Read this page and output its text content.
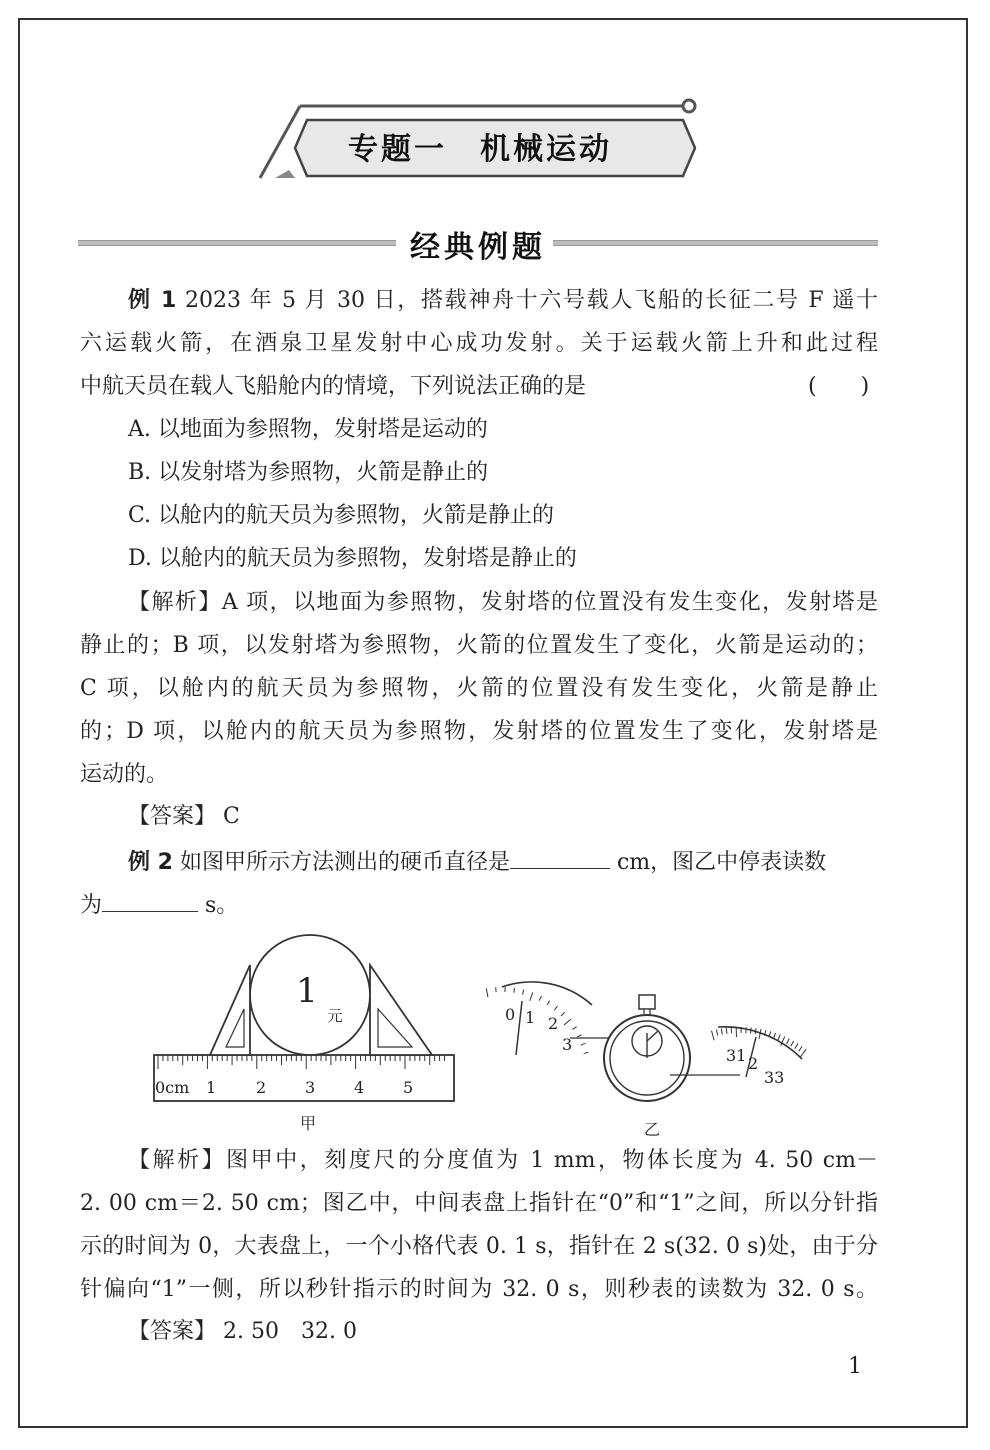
专题一　机械运动
经典例题
例 1 2023 年 5 月 30 日，搭载神舟十六号载人飞船的长征二号 F 遥十
六运载火箭，在酒泉卫星发射中心成功发射。关于运载火箭上升和此过程
中航天员在载人飞船舱内的情境，下列说法正确的是	(　　)
A. 以地面为参照物，发射塔是运动的
B. 以发射塔为参照物，火箭是静止的
C. 以舱内的航天员为参照物，火箭是静止的
D. 以舱内的航天员为参照物，发射塔是静止的
【解析】A 项，以地面为参照物，发射塔的位置没有发生变化，发射塔是
静止的；B 项，以发射塔为参照物，火箭的位置发生了变化，火箭是运动的；
C 项，以舱内的航天员为参照物，火箭的位置没有发生变化，火箭是静止
的；D 项，以舱内的航天员为参照物，发射塔的位置发生了变化，发射塔是
运动的。
【答案】 C
例 2 如图甲所示方法测出的硬币直径是	cm，图乙中停表读数
为	s。
1
元
0cm 1 2 3 4 5
甲
0 1 2
3
31 2
33
乙
【解析】图甲中，刻度尺的分度值为 1 mm，物体长度为 4. 50 cm－
2. 00 cm＝2. 50 cm；图乙中，中间表盘上指针在“0”和“1”之间，所以分针指
示的时间为 0，大表盘上，一个小格代表 0. 1 s，指针在 2 s(32. 0 s)处，由于分
针偏向“1”一侧，所以秒针指示的时间为 32. 0 s，则秒表的读数为 32. 0 s。
【答案】 2. 50　32. 0
1
